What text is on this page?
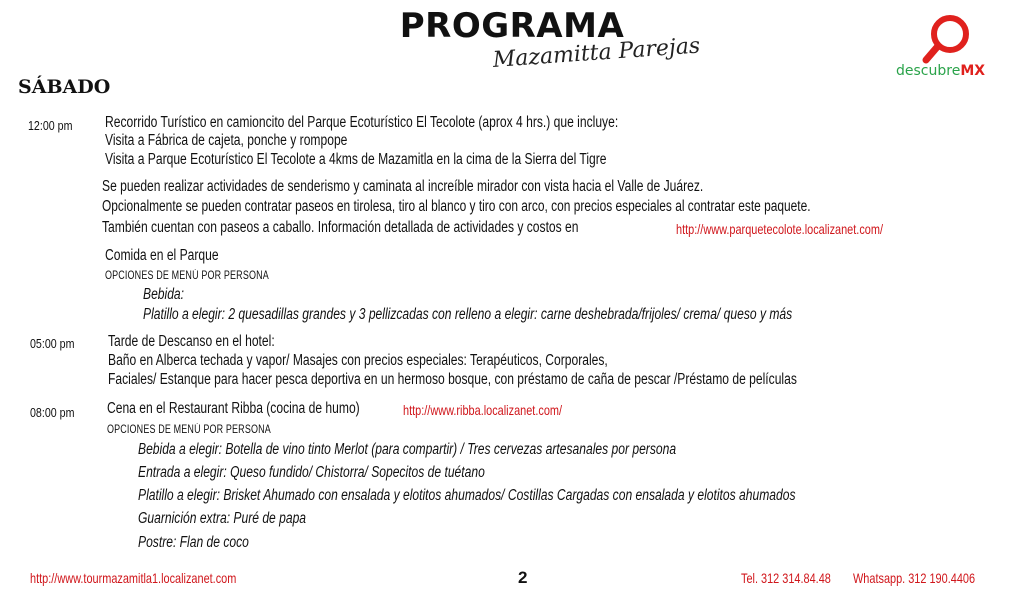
PROGRAMA
Mazamitta Parejas	descubreMX
SÁBADO
12:00 pm Recorrido Turístico en camioncito del Parque Ecoturístico El Tecolote (aprox 4 hrs.) que incluye:
Visita a Fábrica de cajeta, ponche y rompope
Visita a Parque Ecoturístico El Tecolote a 4kms de Mazamitla en la cima de la Sierra del Tigre
Se pueden realizar actividades de senderismo y caminata al increíble mirador con vista hacia el Valle de Juárez.
Opcionalmente se pueden contratar paseos en tirolesa, tiro al blanco y tiro con arco, con precios especiales al contratar este paquete.
También cuentan con paseos a caballo. Información detallada de actividades y costos en	http://www.parquetecolote.localizanet.com/
Comida en el Parque
OPCIONES DE MENÚ POR PERSONA
Bebida:
Platillo a elegir: 2 quesadillas grandes y 3 pellizcadas con relleno a elegir: carne deshebrada/frijoles/ crema/ queso y más
05:00 pm Tarde de Descanso en el hotel:
Baño en Alberca techada y vapor/ Masajes con precios especiales: Terapéuticos, Corporales,
Faciales/ Estanque para hacer pesca deportiva en un hermoso bosque, con préstamo de caña de pescar /Préstamo de películas
08:00 pm Cena en el Restaurant Ribba (cocina de humo)	http://www.ribba.localizanet.com/
OPCIONES DE MENÚ POR PERSONA
Bebida a elegir: Botella de vino tinto Merlot (para compartir) / Tres cervezas artesanales por persona
Entrada a elegir: Queso fundido/ Chistorra/ Sopecitos de tuétano
Platillo a elegir: Brisket Ahumado con ensalada y elotitos ahumados/ Costillas Cargadas con ensalada y elotitos ahumados
Guarnición extra: Puré de papa
Postre: Flan de coco
http://www.tourmazamitla1.localizanet.com	2	Tel. 312 314.84.48 Whatsapp. 312 190.4406
